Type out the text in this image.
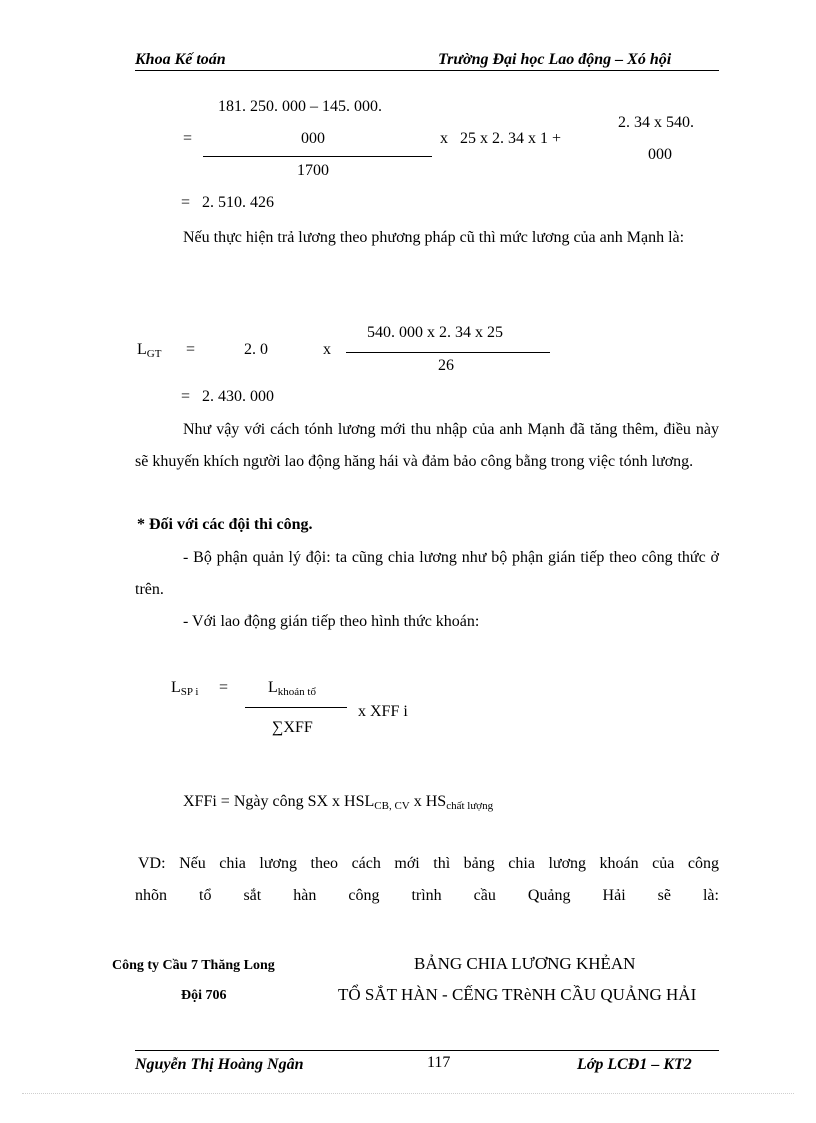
Khoa Kế toán	Trường Đại học Lao động – Xó hội
181. 250. 000 – 145. 000.
=	000
1700
x   25 x 2. 34 x 1 +
2. 34 x 540.
000
=   2. 510. 426
Nếu thực hiện trả lương theo phương pháp cũ thì mức lương của anh Mạnh là:
540. 000 x 2. 34 x 25
$L_{GT}$ =	2. 0	x
26
=   2. 430. 000
Như vậy với cách tónh lương mới thu nhập của anh Mạnh đã tăng thêm, điều này sẽ khuyến khích người lao động hăng hái và đảm bảo công bằng trong việc tónh lương.
* Đối với các đội thi công.
- Bộ phận quản lý đội: ta cũng chia lương như bộ phận gián tiếp theo công thức ở trên.
- Với lao động gián tiếp theo hình thức khoán:
$L_{SP i} = L_{khoán tổ}$
x XFF i
∑XFF
XFFi = Ngày công SX x $HSL_{CB, CV}$ x $HS_{chất lượng}$
VD: Nếu chia lương theo cách mới thì bảng chia lương khoán của công
nhõn tổ sắt hàn công trình cầu Quảng Hải sẽ là:
Công ty Cầu 7 Thăng Long
Đội 706
BẢNG CHIA LƯƠNG KHẺAN
TỔ SẮT HÀN - CẾNG TRèNH CẦU QUẢNG HẢI
Nguyễn Thị Hoàng Ngân	117	Lớp LCĐ1 – KT2
